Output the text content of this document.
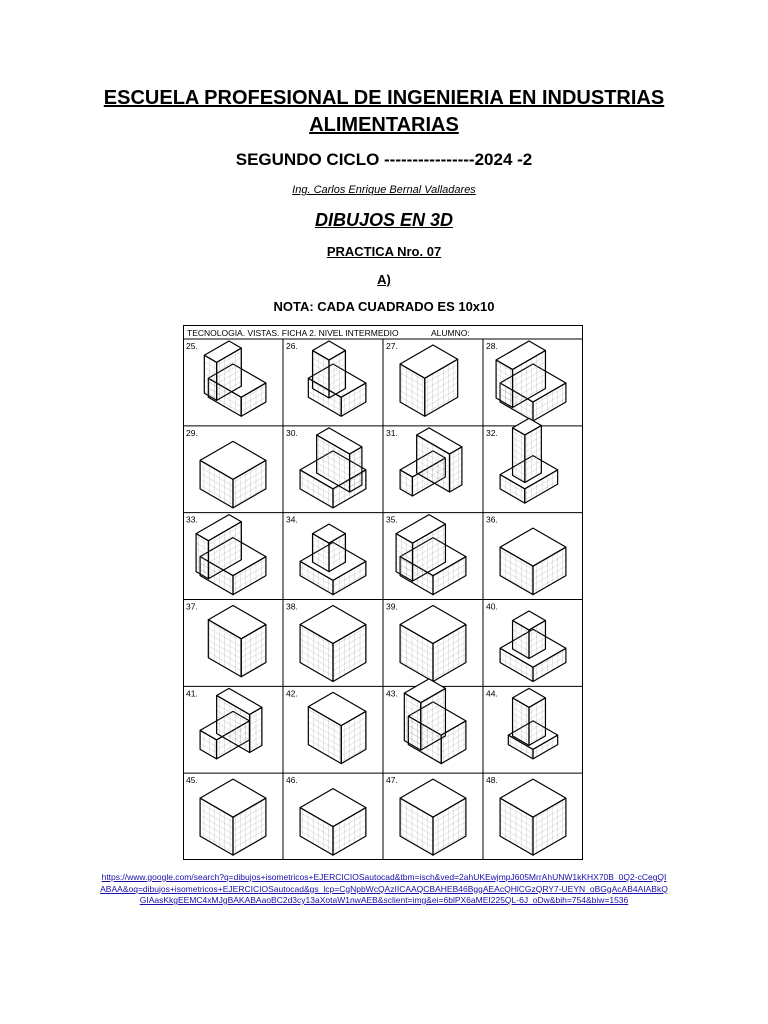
ESCUELA PROFESIONAL DE INGENIERIA EN INDUSTRIAS
ALIMENTARIAS
SEGUNDO CICLO ----------------2024 -2
Ing. Carlos Enrique Bernal Valladares
DIBUJOS EN 3D
PRACTICA Nro. 07
A)
NOTA: CADA CUADRADO ES 10x10
TECNOLOGIA. VISTAS. FICHA 2. NIVEL INTERMEDIO	ALUMNO:
25.	26.	27.	28.
29.	30.	31.	32.
33.	34.	35.	36.
37.	38.	39.	40.
41.	42.	43.	44.
45.	46.	47.	48.
https://www.google.com/search?q=dibujos+isometricos+EJERCICIOSautocad&tbm=isch&ved=2ahUKEwjmpJ605MrrAhUNW1kKHX70B_0Q2-cCegQIABAA&oq=dibujos+isometricos+EJERCICIOSautocad&gs_lcp=CgNpbWcQAzIICAAQCBAHEB46BggAEAcQHlCGzQRY7-UEYN_oBGgAcAB4AIABkQGIAasKkgEEMC4xMJgBAKABAaoBC2d3cy13aXotaW1nwAEB&sclient=img&ei=6blPX6aMEI225QL-6J_oDw&bih=754&biw=1536
